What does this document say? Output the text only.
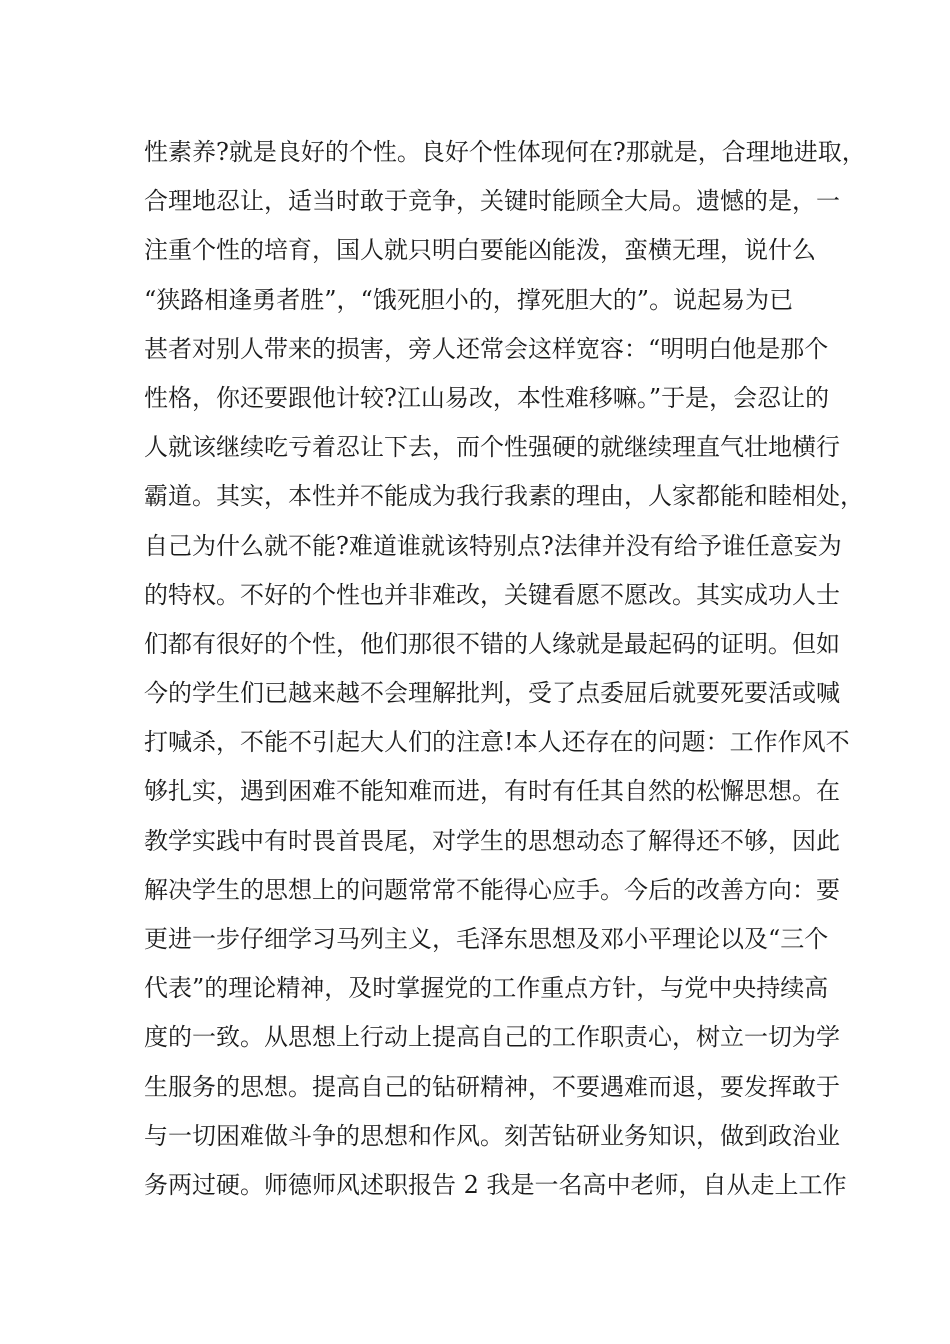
性素养?就是良好的个性。良好个性体现何在?那就是，合理地进取，
合理地忍让，适当时敢于竞争，关键时能顾全大局。遗憾的是，一
注重个性的培育，国人就只明白要能凶能泼，蛮横无理，说什么
“狭路相逢勇者胜”，“饿死胆小的，撑死胆大的”。说起易为已
甚者对别人带来的损害，旁人还常会这样宽容：“明明白他是那个
性格，你还要跟他计较?江山易改，本性难移嘛。”于是，会忍让的
人就该继续吃亏着忍让下去，而个性强硬的就继续理直气壮地横行
霸道。其实，本性并不能成为我行我素的理由，人家都能和睦相处，
自己为什么就不能?难道谁就该特别点?法律并没有给予谁任意妄为
的特权。不好的个性也并非难改，关键看愿不愿改。其实成功人士
们都有很好的个性，他们那很不错的人缘就是最起码的证明。但如
今的学生们已越来越不会理解批判，受了点委屈后就要死要活或喊
打喊杀，不能不引起大人们的注意!本人还存在的问题：工作作风不
够扎实，遇到困难不能知难而进，有时有任其自然的松懈思想。在
教学实践中有时畏首畏尾，对学生的思想动态了解得还不够，因此
解决学生的思想上的问题常常不能得心应手。今后的改善方向：要
更进一步仔细学习马列主义，毛泽东思想及邓小平理论以及“三个
代表”的理论精神，及时掌握党的工作重点方针，与党中央持续高
度的一致。从思想上行动上提高自己的工作职责心，树立一切为学
生服务的思想。提高自己的钻研精神，不要遇难而退，要发挥敢于
与一切困难做斗争的思想和作风。刻苦钻研业务知识，做到政治业
务两过硬。师德师风述职报告 2 我是一名高中老师，自从走上工作
